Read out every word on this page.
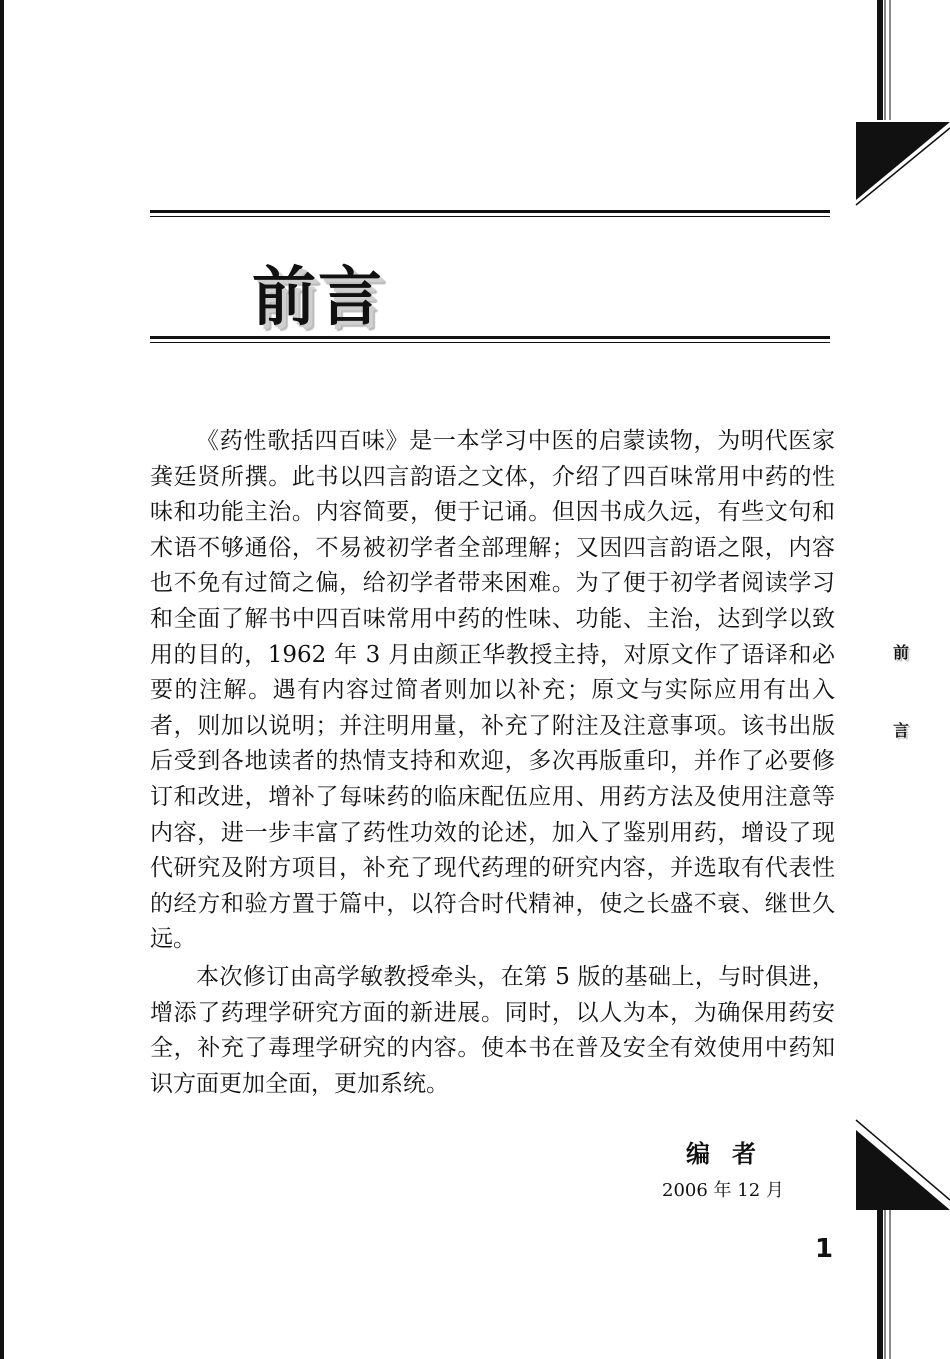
前言

《药性歌括四百味》是一本学习中医的启蒙读物，为明代医家龚廷贤所撰。此书以四言韵语之文体，介绍了四百味常用中药的性味和功能主治。内容简要，便于记诵。但因书成久远，有些文句和术语不够通俗，不易被初学者全部理解；又因四言韵语之限，内容也不免有过简之偏，给初学者带来困难。为了便于初学者阅读学习和全面了解书中四百味常用中药的性味、功能、主治，达到学以致用的目的，1962 年 3 月由颜正华教授主持，对原文作了语译和必要的注解。遇有内容过简者则加以补充；原文与实际应用有出入者，则加以说明；并注明用量，补充了附注及注意事项。该书出版后受到各地读者的热情支持和欢迎，多次再版重印，并作了必要修订和改进，增补了每味药的临床配伍应用、用药方法及使用注意等内容，进一步丰富了药性功效的论述，加入了鉴别用药，增设了现代研究及附方项目，补充了现代药理的研究内容，并选取有代表性的经方和验方置于篇中，以符合时代精神，使之长盛不衰、继世久远。

本次修订由高学敏教授牵头，在第 5 版的基础上，与时俱进，增添了药理学研究方面的新进展。同时，以人为本，为确保用药安全，补充了毒理学研究的内容。使本书在普及安全有效使用中药知识方面更加全面，更加系统。

编者
2006 年 12 月
前言
1
